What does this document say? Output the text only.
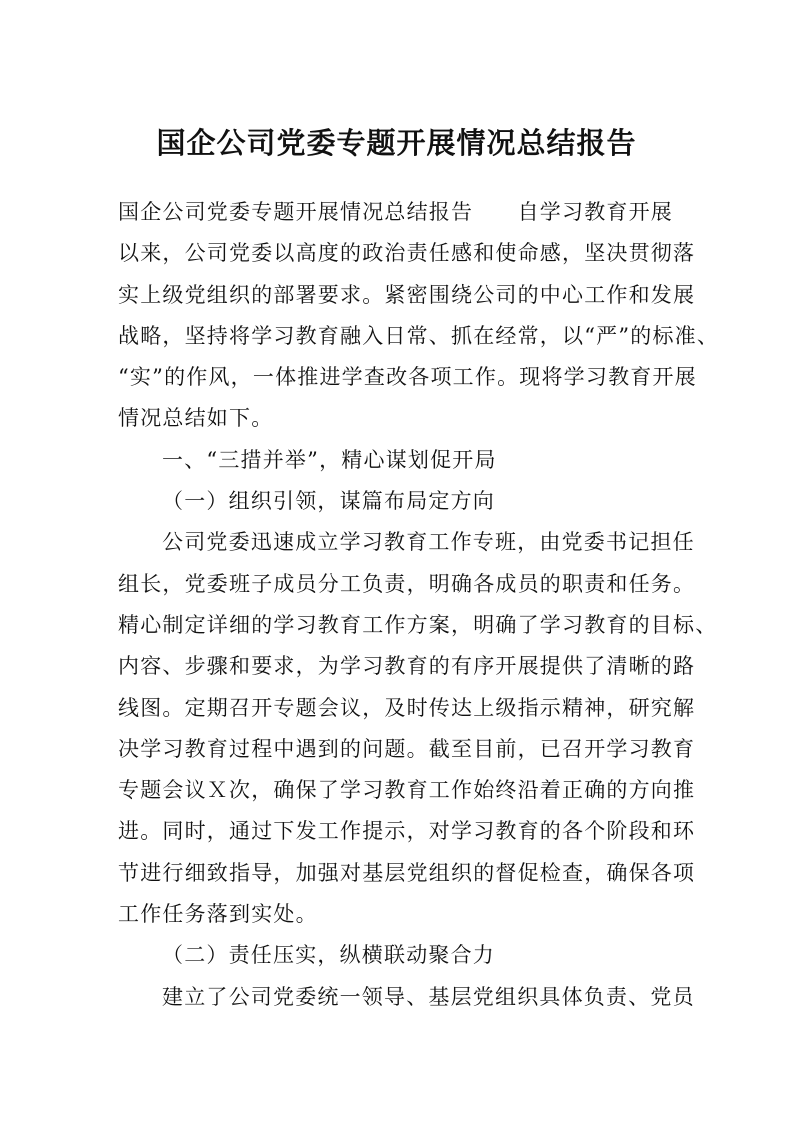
国企公司党委专题开展情况总结报告
国企公司党委专题开展情况总结报告　　自学习教育开展
以来，公司党委以高度的政治责任感和使命感，坚决贯彻落
实上级党组织的部署要求。紧密围绕公司的中心工作和发展
战略，坚持将学习教育融入日常、抓在经常，以“严”的标准、
“实”的作风，一体推进学查改各项工作。现将学习教育开展
情况总结如下。
一、“三措并举”，精心谋划促开局
（一）组织引领，谋篇布局定方向
公司党委迅速成立学习教育工作专班，由党委书记担任
组长，党委班子成员分工负责，明确各成员的职责和任务。
精心制定详细的学习教育工作方案，明确了学习教育的目标、
内容、步骤和要求，为学习教育的有序开展提供了清晰的路
线图。定期召开专题会议，及时传达上级指示精神，研究解
决学习教育过程中遇到的问题。截至目前，已召开学习教育
专题会议Ｘ次，确保了学习教育工作始终沿着正确的方向推
进。同时，通过下发工作提示，对学习教育的各个阶段和环
节进行细致指导，加强对基层党组织的督促检查，确保各项
工作任务落到实处。
（二）责任压实，纵横联动聚合力
建立了公司党委统一领导、基层党组织具体负责、党员
